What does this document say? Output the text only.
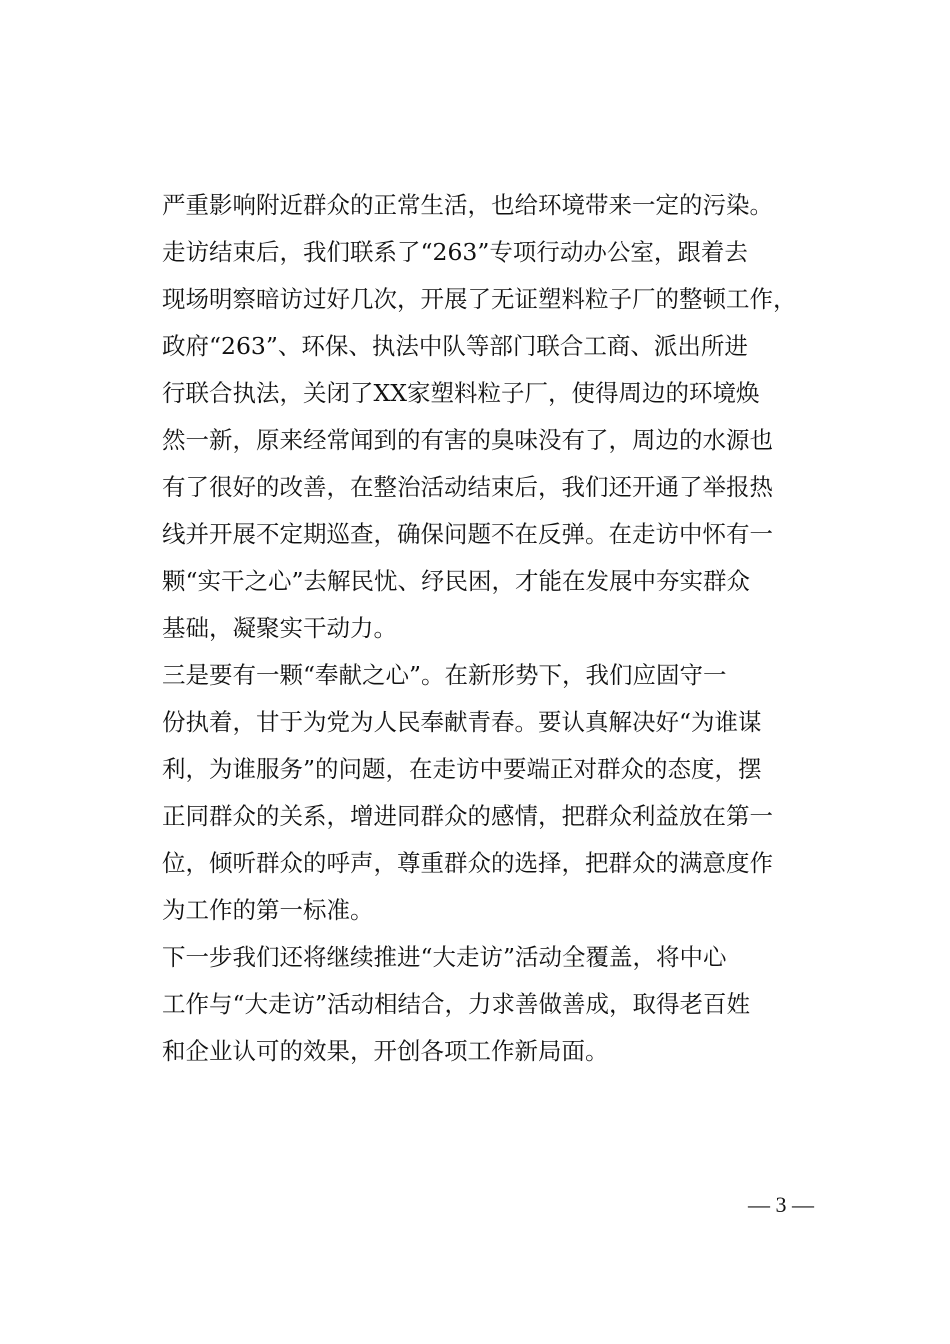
严重影响附近群众的正常生活，也给环境带来一定的污染。
走访结束后，我们联系了“263”专项行动办公室，跟着去
现场明察暗访过好几次，开展了无证塑料粒子厂的整顿工作，
政府“263”、环保、执法中队等部门联合工商、派出所进
行联合执法，关闭了XX家塑料粒子厂，使得周边的环境焕
然一新，原来经常闻到的有害的臭味没有了，周边的水源也
有了很好的改善，在整治活动结束后，我们还开通了举报热
线并开展不定期巡查，确保问题不在反弹。在走访中怀有一
颗“实干之心”去解民忧、纾民困，才能在发展中夯实群众
基础，凝聚实干动力。
三是要有一颗“奉献之心”。在新形势下，我们应固守一
份执着，甘于为党为人民奉献青春。要认真解决好“为谁谋
利，为谁服务”的问题，在走访中要端正对群众的态度，摆
正同群众的关系，增进同群众的感情，把群众利益放在第一
位，倾听群众的呼声，尊重群众的选择，把群众的满意度作
为工作的第一标准。
下一步我们还将继续推进“大走访”活动全覆盖，将中心
工作与“大走访”活动相结合，力求善做善成，取得老百姓
和企业认可的效果，开创各项工作新局面。
— 3 —
